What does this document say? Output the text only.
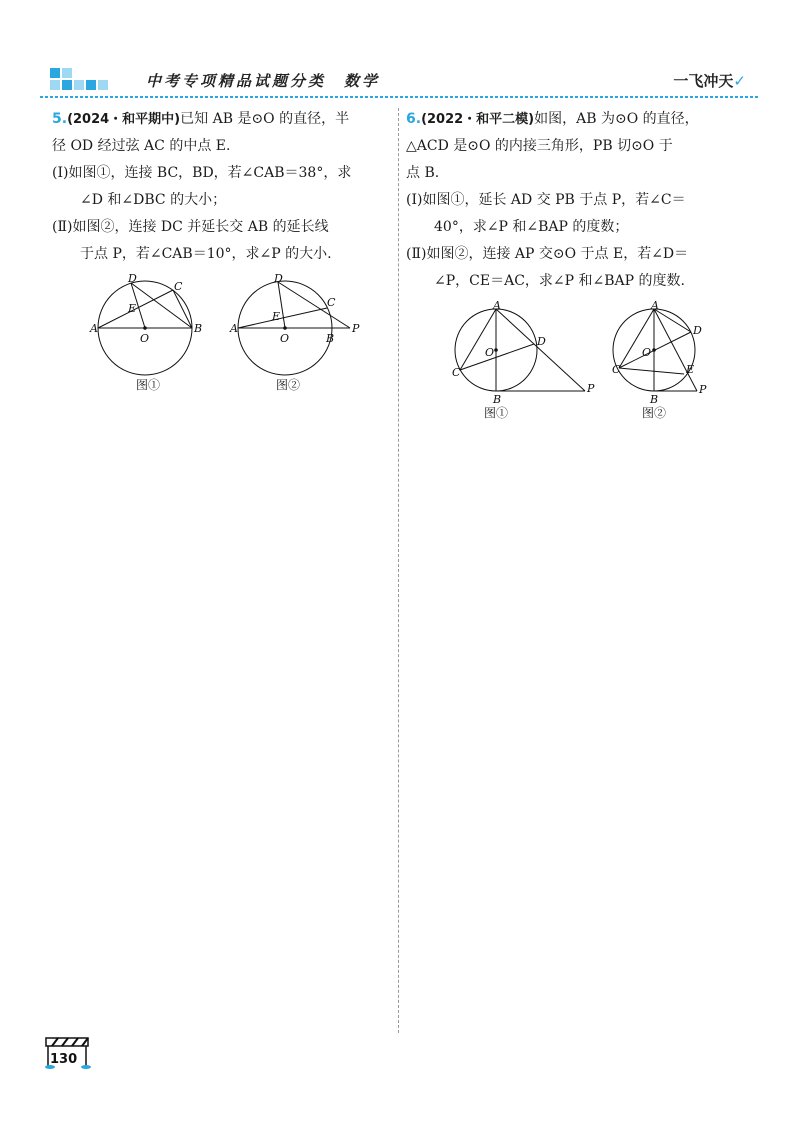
中考专项精品试题分类　数学	一飞冲天✓

5.(2024・和平期中)已知 AB 是⊙O 的直径，半

径 OD 经过弦 AC 的中点 E.

(Ⅰ)如图①，连接 BC，BD，若∠CAB＝38°，求

∠D 和∠DBC 的大小；

(Ⅱ)如图②，连接 DC 并延长交 AB 的延长线

于点 P，若∠CAB＝10°，求∠P 的大小.

D
C
E
A
O
B
图①
D
C
E
A
O	B
P
图②

6.(2022・和平二模)如图，AB 为⊙O 的直径，

△ACD 是⊙O 的内接三角形，PB 切⊙O 于

点 B.

(Ⅰ)如图①，延长 AD 交 PB 于点 P，若∠C＝

40°，求∠P 和∠BAP 的度数；

(Ⅱ)如图②，连接 AP 交⊙O 于点 E，若∠D＝

∠P，CE＝AC，求∠P 和∠BAP 的度数.

A
O
D
C
B
P
图①
A
O
D
C	E
B
P
图②
130
